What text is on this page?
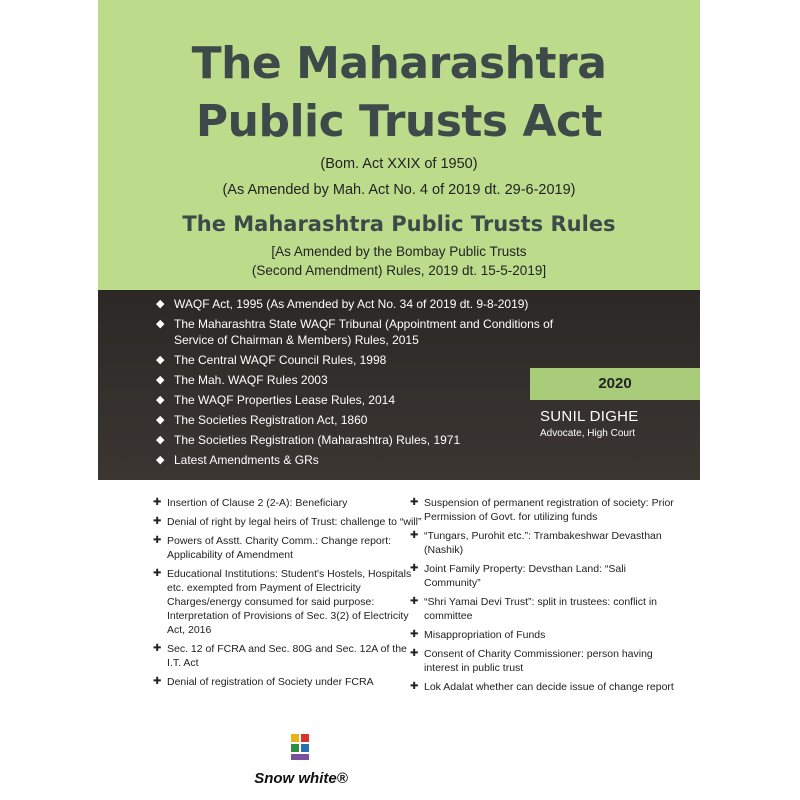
The Maharashtra
Public Trusts Act
(Bom. Act XXIX of 1950)
(As Amended by Mah. Act No. 4 of 2019 dt. 29-6-2019)
The Maharashtra Public Trusts Rules
[As Amended by the Bombay Public Trusts
(Second Amendment) Rules, 2019 dt. 15-5-2019]
◆ WAQF Act, 1995 (As Amended by Act No. 34 of 2019 dt. 9-8-2019)
◆ The Maharashtra State WAQF Tribunal (Appointment and Conditions of Service of Chairman & Members) Rules, 2015
◆ The Central WAQF Council Rules, 1998
◆ The Mah. WAQF Rules 2003
◆ The WAQF Properties Lease Rules, 2014
◆ The Societies Registration Act, 1860
◆ The Societies Registration (Maharashtra) Rules, 1971
◆ Latest Amendments & GRs
2020
SUNIL DIGHE
Advocate, High Court
✚ Insertion of Clause 2 (2-A): Beneficiary
✚ Denial of right by legal heirs of Trust: challenge to “will”
✚ Powers of Asstt. Charity Comm.: Change report: Applicability of Amendment
✚ Educational Institutions: Student's Hostels, Hospitals etc. exempted from Payment of Electricity Charges/energy consumed for said purpose: Interpretation of Provisions of Sec. 3(2) of Electricity Act, 2016
✚ Sec. 12 of FCRA and Sec. 80G and Sec. 12A of the I.T. Act
✚ Denial of registration of Society under FCRA
✚ Suspension of permanent registration of society: Prior Permission of Govt. for utilizing funds
✚ “Tungars, Purohit etc.”: Trambakeshwar Devasthan (Nashik)
✚ Joint Family Property: Devsthan Land: “Sali Community”
✚ “Shri Yamai Devi Trust”: split in trustees: conflict in committee
✚ Misappropriation of Funds
✚ Consent of Charity Commissioner: person having interest in public trust
✚ Lok Adalat whether can decide issue of change report
Snow white®
